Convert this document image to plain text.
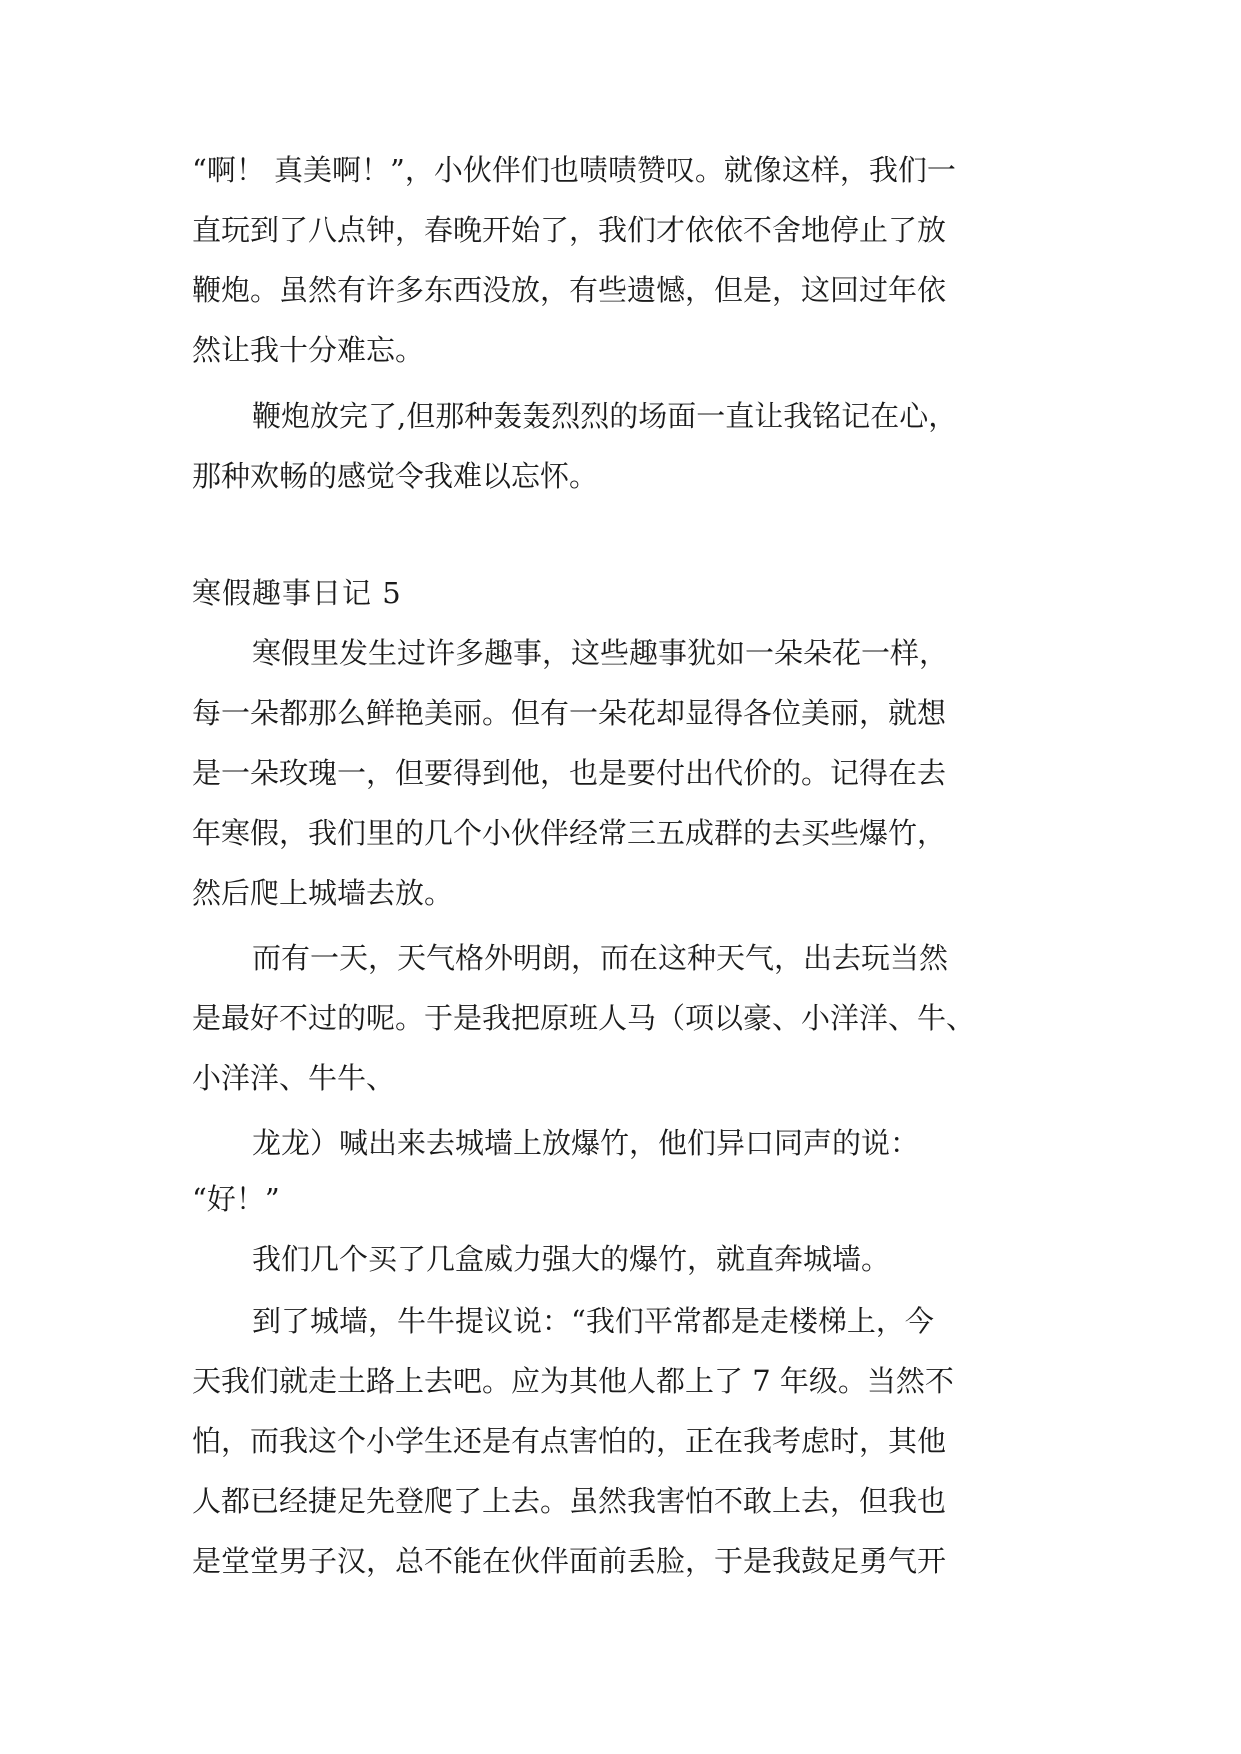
“啊！ 真美啊！”，小伙伴们也啧啧赞叹。就像这样，我们一
直玩到了八点钟，春晚开始了，我们才依依不舍地停止了放
鞭炮。虽然有许多东西没放，有些遗憾，但是，这回过年依
然让我十分难忘。
鞭炮放完了,但那种轰轰烈烈的场面一直让我铭记在心，
那种欢畅的感觉令我难以忘怀。
寒假趣事日记 5
寒假里发生过许多趣事，这些趣事犹如一朵朵花一样，
每一朵都那么鲜艳美丽。但有一朵花却显得各位美丽，就想
是一朵玫瑰一，但要得到他，也是要付出代价的。记得在去
年寒假，我们里的几个小伙伴经常三五成群的去买些爆竹，
然后爬上城墙去放。
而有一天，天气格外明朗，而在这种天气，出去玩当然
是最好不过的呢。于是我把原班人马（项以豪、小洋洋、牛、
小洋洋、牛牛、
龙龙）喊出来去城墙上放爆竹，他们异口同声的说：
“好！”
我们几个买了几盒威力强大的爆竹，就直奔城墙。
到了城墙，牛牛提议说：“我们平常都是走楼梯上，今
天我们就走土路上去吧。应为其他人都上了 7 年级。当然不
怕，而我这个小学生还是有点害怕的，正在我考虑时，其他
人都已经捷足先登爬了上去。虽然我害怕不敢上去，但我也
是堂堂男子汉，总不能在伙伴面前丢脸，于是我鼓足勇气开
